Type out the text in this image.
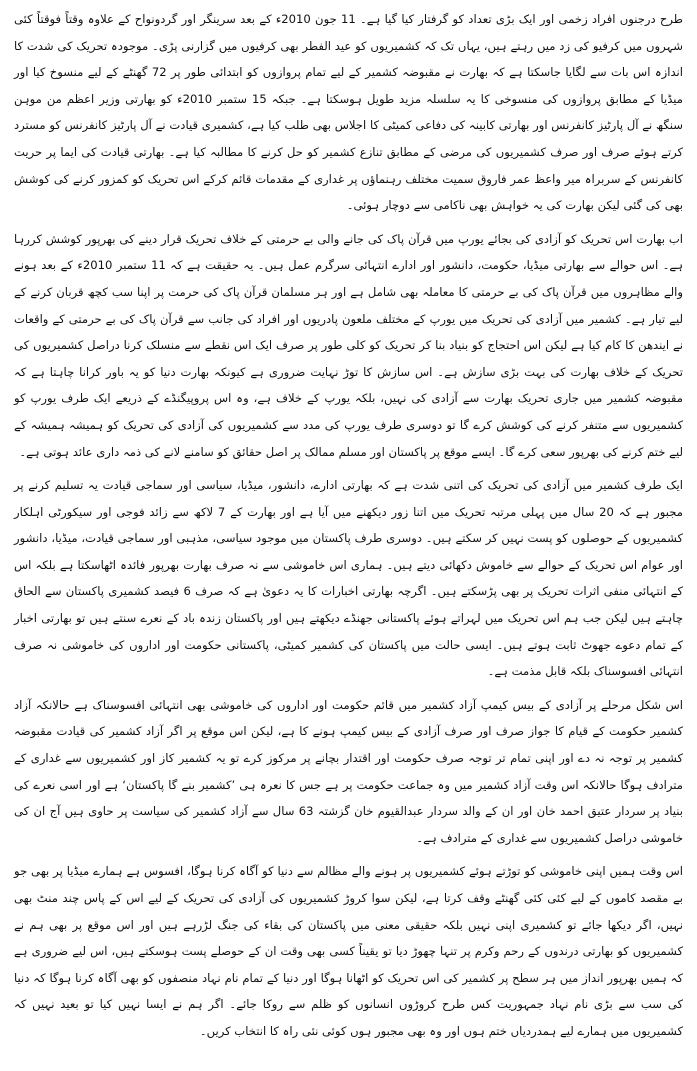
طرح درجنوں افراد زخمی اور ایک بڑی تعداد کو گرفتار کیا گیا ہے۔ 11 جون 2010ء کے بعد سرینگر اور گردونواح کے علاوہ وقتاً فوقتاً کئی شہروں میں کرفیو کی زد میں رہتے ہیں، یہاں تک کہ کشمیریوں کو عید الفطر بھی کرفیوں میں گزارنی پڑی۔ موجودہ تحریک کی شدت کا اندازہ اس بات سے لگایا جاسکتا ہے کہ بھارت نے مقبوضہ کشمیر کے لیے تمام پروازوں کو ابتدائی طور پر 72 گھنٹے کے لیے منسوخ کیا اور میڈیا کے مطابق پروازوں کی منسوخی کا یہ سلسلہ مزید طویل ہوسکتا ہے۔ جبکہ 15 ستمبر 2010ء کو بھارتی وزیر اعظم من موہن سنگھ نے آل پارٹیز کانفرنس اور بھارتی کابینہ کی دفاعی کمیٹی کا اجلاس بھی طلب کیا ہے، کشمیری قیادت نے آل پارٹیز کانفرنس کو مسترد کرتے ہوئے صرف اور صرف کشمیریوں کی مرضی کے مطابق تنازع کشمیر کو حل کرنے کا مطالبہ کیا ہے۔ بھارتی قیادت کی ایما پر حریت کانفرنس کے سربراہ میر واعظ عمر فاروق سمیت مختلف رہنماؤں پر غداری کے مقدمات قائم کرکے اس تحریک کو کمزور کرنے کی کوشش بھی کی گئی لیکن بھارت کی یہ خواہش بھی ناکامی سے دوچار ہوئی۔

اب بھارت اس تحریک کو آزادی کی بجائے یورپ میں قرآن پاک کی جانے والی بے حرمتی کے خلاف تحریک قرار دینے کی بھرپور کوشش کررہا ہے۔ اس حوالے سے بھارتی میڈیا، حکومت، دانشور اور ادارے انتہائی سرگرم عمل ہیں۔ یہ حقیقت ہے کہ 11 ستمبر 2010ء کے بعد ہونے والے مظاہروں میں قرآن پاک کی بے حرمتی کا معاملہ بھی شامل ہے اور ہر مسلمان قرآن پاک کی حرمت پر اپنا سب کچھ قربان کرنے کے لیے تیار ہے۔ کشمیر میں آزادی کی تحریک میں یورپ کے مختلف ملعون پادریوں اور افراد کی جانب سے قرآن پاک کی بے حرمتی کے واقعات نے ایندھن کا کام کیا ہے لیکن اس احتجاج کو بنیاد بنا کر تحریک کو کلی طور پر صرف ایک اس نقطے سے منسلک کرنا دراصل کشمیریوں کی تحریک کے خلاف بھارت کی بہت بڑی سازش ہے۔ اس سازش کا توڑ نہایت ضروری ہے کیونکہ بھارت دنیا کو یہ باور کرانا چاہتا ہے کہ مقبوضہ کشمیر میں جاری تحریک بھارت سے آزادی کی نہیں، بلکہ یورپ کے خلاف ہے، وہ اس پروپیگنڈے کے ذریعے ایک طرف یورپ کو کشمیریوں سے متنفر کرنے کی کوشش کرے گا تو دوسری طرف یورپ کی مدد سے کشمیریوں کی آزادی کی تحریک کو ہمیشہ ہمیشہ کے لیے ختم کرنے کی بھرپور سعی کرے گا۔ ایسے موقع پر پاکستان اور مسلم ممالک پر اصل حقائق کو سامنے لانے کی ذمہ داری عائد ہوتی ہے۔

ایک طرف کشمیر میں آزادی کی تحریک کی اتنی شدت ہے کہ بھارتی ادارے، دانشور، میڈیا، سیاسی اور سماجی قیادت یہ تسلیم کرنے پر مجبور ہے کہ 20 سال میں پہلی مرتبہ تحریک میں اتنا زور دیکھنے میں آیا ہے اور بھارت کے 7 لاکھ سے زائد فوجی اور سیکورٹی اہلکار کشمیریوں کے حوصلوں کو پست نہیں کر سکتے ہیں۔ دوسری طرف پاکستان میں موجود سیاسی، مذہبی اور سماجی قیادت، میڈیا، دانشور اور عوام اس تحریک کے حوالے سے خاموش دکھائی دیتے ہیں۔ ہماری اس خاموشی سے نہ صرف بھارت بھرپور فائدہ اٹھاسکتا ہے بلکہ اس کے انتہائی منفی اثرات تحریک پر بھی پڑسکتے ہیں۔ اگرچہ بھارتی اخبارات کا یہ دعویٰ ہے کہ صرف 6 فیصد کشمیری پاکستان سے الحاق چاہتے ہیں لیکن جب ہم اس تحریک میں لہراتے ہوئے پاکستانی جھنڈے دیکھتے ہیں اور پاکستان زندہ باد کے نعرے سنتے ہیں تو بھارتی اخبار کے تمام دعوے جھوٹ ثابت ہوتے ہیں۔ ایسی حالت میں پاکستان کی کشمیر کمیٹی، پاکستانی حکومت اور اداروں کی خاموشی نہ صرف انتہائی افسوسناک بلکہ قابل مذمت ہے۔

اس شکل مرحلے پر آزادی کے بیس کیمپ آزاد کشمیر میں قائم حکومت اور اداروں کی خاموشی بھی انتہائی افسوسناک ہے حالانکہ آزاد کشمیر حکومت کے قیام کا جواز صرف اور صرف آزادی کے بیس کیمپ ہونے کا ہے، لیکن اس موقع پر اگر آزاد کشمیر کی قیادت مقبوضہ کشمیر پر توجہ نہ دے اور اپنی تمام تر توجہ صرف حکومت اور اقتدار بچانے پر مرکوز کرے تو یہ کشمیر کاز اور کشمیریوں سے غداری کے مترادف ہوگا حالانکہ اس وقت آزاد کشمیر میں وہ جماعت حکومت پر ہے جس کا نعرہ ہی ’کشمیر بنے گا پاکستان‘ ہے اور اسی نعرے کی بنیاد پر سردار عتیق احمد خان اور ان کے والد سردار عبدالقیوم خان گزشتہ 63 سال سے آزاد کشمیر کی سیاست پر حاوی ہیں آج ان کی خاموشی دراصل کشمیریوں سے غداری کے مترادف ہے۔

اس وقت ہمیں اپنی خاموشی کو توڑتے ہوئے کشمیریوں پر ہونے والے مظالم سے دنیا کو آگاہ کرنا ہوگا، افسوس ہے ہمارے میڈیا پر بھی جو بے مقصد کاموں کے لیے کئی کئی گھنٹے وقف کرتا ہے، لیکن سوا کروڑ کشمیریوں کی آزادی کی تحریک کے لیے اس کے پاس چند منٹ بھی نہیں، اگر دیکھا جائے تو کشمیری اپنی نہیں بلکہ حقیقی معنی میں پاکستان کی بقاء کی جنگ لڑرہے ہیں اور اس موقع پر بھی ہم نے کشمیریوں کو بھارتی درندوں کے رحم وکرم پر تنہا چھوڑ دیا تو یقیناً کسی بھی وقت ان کے حوصلے پست ہوسکتے ہیں، اس لیے ضروری ہے کہ ہمیں بھرپور انداز میں ہر سطح پر کشمیر کی اس تحریک کو اٹھانا ہوگا اور دنیا کے تمام نام نہاد منصفوں کو بھی آگاہ کرنا ہوگا کہ دنیا کی سب سے بڑی نام نہاد جمہوریت کس طرح کروڑوں انسانوں کو ظلم سے روکا جائے۔ اگر ہم نے ایسا نہیں کیا تو بعید نہیں کہ کشمیریوں میں ہمارے لیے ہمدردیاں ختم ہوں اور وہ بھی مجبور ہوں کوئی نئی راہ کا انتخاب کریں۔
